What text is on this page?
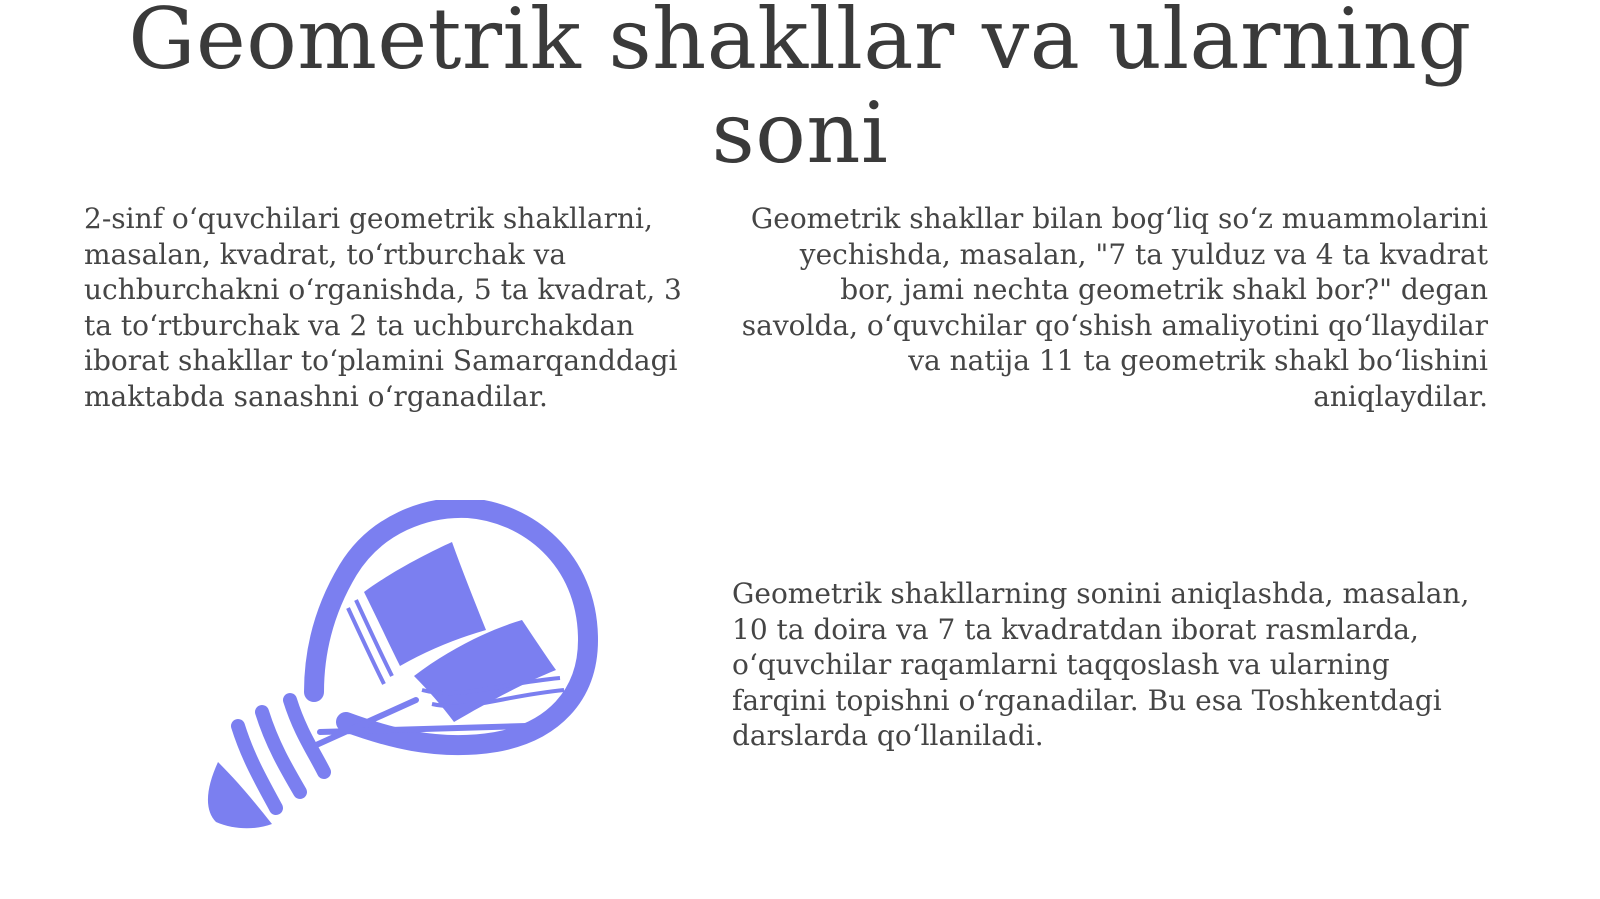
Geometrik shakllar va ularning soni

2-sinf o‘quvchilari geometrik shakllarni, masalan, kvadrat, to‘rtburchak va uchburchakni o‘rganishda, 5 ta kvadrat, 3 ta to‘rtburchak va 2 ta uchburchakdan iborat shakllar to‘plamini Samarqanddagi maktabda sanashni o‘rganadilar.

Geometrik shakllar bilan bog‘liq so‘z muammolarini yechishda, masalan, "7 ta yulduz va 4 ta kvadrat bor, jami nechta geometrik shakl bor?" degan savolda, o‘quvchilar qo‘shish amaliyotini qo‘llaydilar va natija 11 ta geometrik shakl bo‘lishini aniqlaydilar.

Geometrik shakllarning sonini aniqlashda, masalan, 10 ta doira va 7 ta kvadratdan iborat rasmlarda, o‘quvchilar raqamlarni taqqoslash va ularning farqini topishni o‘rganadilar. Bu esa Toshkentdagi darslarda qo‘llaniladi.
